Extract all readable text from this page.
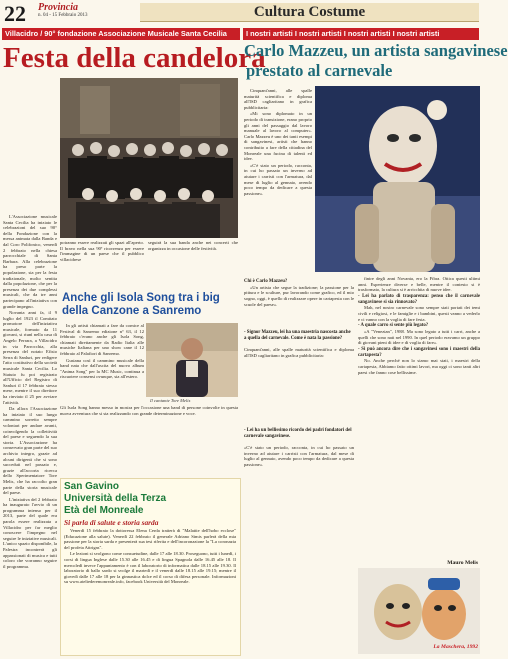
22 Provincia
n. 04 - 15 Febbraio 2013	Cultura Costume
Villacidro / 90° fondazione Associazione Musicale Santa Cecilia
Festa della candelora

L'Associazione musicale Santa Cecilia ha iniziato le celebrazioni del suo 90° della Fondazione con la messa animata dalla Banda e dal Coro Polifonico, venerdì 2 febbraio nella chiesa parrocchiale di Santa Barbara. Alla celebrazione ha preso parte la popolazione, sia per la festa tradizionale, molto sentita dalla popolazione, che per la presenza dei due complessi musicali, che da tre anni partecipano all'iniziativa con grande impegno.

Novanta anni fa, il 9 luglio del 1923 il Comitato promotore dell'iniziativa musicale, formato da 11 giovani, si riunì nella casa di Angelo Ferrara, a Villacidro in via Parrocchia, alla presenza del notaio Efisio Serra di Sanluri, per redigere l'atto costitutivo della società musicale Santa Cecilia. Lo Statuto fu poi registrato all'Ufficio del Registro di Sanluri il 17 febbraio stesso mese, mentre il suo direttore ha rinviato il 25 per avviare l'attività.

Da allora l'Associazione ha iniziato il suo lungo cammino sorretto sempre volontari per andare avanti, coinvolgendo la collettività del paese e seguendo la sua storia. L'Associazione ha conservato gran parte del suo archivio integro, grazie ad alcuni dirigenti che si sono succeduti nel passato e, grazie all'accorta ricerca dello Sperimentatore Tore Melis, che ha raccolto gran parte della storia musicale del paese.

L'iniziativa del 2 febbraio ha inaugurato l'avvio di un programma intenso per il 2013, parte del quale era parola essere realizzata a Villacidro per far meglio conoscere l'impegno nel seguire le iniziative musicali. L'unico spazio disponibile, la Palestra incontrerà gli appassionati di musica e tutti coloro che vorranno seguire il programma.

potranno essere realizzati gli spazi all'aperto. Il bravo nella sua 90ª ricorrenza per essere l'immagine di un paese che il pubblico villacidrese
seguirà la sua banda anche nei concerti che organizza in occasione delle festività.
Anche gli Isola Song tra i big
della Canzone a Sanremo

In gli artisti chiamati a fare da cornice al Festival di Sanremo edizione n° 63, il 12 febbraio c'erano anche gli Isola Song, chiamati direttamente da Radio Italia alle musiche Italiana per uno show cane il 12 febbraio al Palafiori di Sanremo.

Gustana così il cammino musicale della band nata che dall'uscita del nuovo album "Anima Song" per la MC Music, continua a riscuotere consensi ovunque, sia all'estero.

Il cantante Tore Melis
Gli Isola Song hanno messo in mostra per l'occasione una band di persone coinvolte in questa nuova avventura che si sta realizzando con grande determinazione e voce.
San Gavino
Università della Terza
Età del Monreale
Si parla di salute e storia sarda

Venerdì 15 febbraio la dottoressa Elena Cerda tratterà di "Malattie dell'hobo ecclose" (Educazione alla salute). Venerdì 22 febbraio il generale Adriano Simis parlerà della mia passione per la storia sarda e presenterà sua tesi riferita e dell'incoronazione la "La coronazia del profeta Attrigas".

Le lezioni si svolgono come consuetudine, dalle 17 alle 18.30. Proseguono, tutti i lunedì, i corsi di lingua Inglese dalle 15.30 alle 16.45 e di lingua Spagnola dalle 16.45 alle 18. Il mercoledì invece l'appuntamento è con il laboratorio di informatica dalle 18.15 alle 19.30. Il laboratorio di ballo sardo si svolge il martedì e il venerdì dalle 18.15 alle 19.15; mentre il giovedì dalle 17 alle 18 per la ginnastica dolce ed il corso di difesa personale. Informazioni su www.ateliederemonreale.info, facebook Università del Monreale.

I nostri artisti I nostri artisti I nostri artisti I nostri artisti
Carlo Mazzeu, un artista sangavinese
prestato al carnevale

Cinquant'anni, alle spalle maturità scientifica e diploma all'ISD cagliaritano in grafica pubblicitaria:

«Mi sono diplomato in un periodo di transizione, erano proprio gli anni del passaggio dal lavoro manuale al lavoro al computer». Carlo Mazzeu è uno dei tanti esempi di sangavinesi, artisti che hanno contribuito a fare della cittadina del Monreale una fucina di talenti ed idee.

«C'è stato un periodo, racconta, in cui ho passato un inverno ad aiutare i carristi con l'armatura, dal mese di luglio al gennaio, avendo poco tempo da dedicare a questa passione».

Chi è Carlo Mazzeu?

«Un artista che segue la tradizione; la passione per la pittura e le sculture, pur lavorando come grafico, ed il mio sogno, oggi, è quello di realizzare opere in cartapesta con le scuole del paese».

- Signor Mazzeu, lei ha una maestria nascosta anche a quella del carnevale. Come è nata la passione?
Cinquant'anni, alle spalle maturità scientifica e diploma all'ISD cagliaritano in grafica pubblicitaria:
- Lei ha un bellissimo ricordo dei padri fondatori del carnevale sangavinese.
«C'è stato un periodo, racconta, in cui ho passato un inverno ad aiutare i carristi con l'armatura, dal mese di luglio al gennaio, avendo poco tempo da dedicare a questa passione».

finire degli anni Novanta, ero la Fibra. Ottica questi ultimi anni. Esperienze diverse e belle, mentre il contesto si è trasformato, la cultura si è arricchita di nuove idee.

- Lei ha parlato di trasparenza: penso che il carnevale sangavinese si sia rinnovato?

Mah, nel nostro carnevale sono sempre stati portati dei temi civili e religiosi, e le famiglie e i bambini, questi vanno a vederlo e ci vanno con la voglia di fare festa.

- A quale carro si sente più legato?

«A "Venezian", 1988. Ma sono legato a tutti i carri, anche a quelli che sono nati nel 1990. In quel periodo eravamo un gruppo di giovani pieni di idee e di voglia di fare».

- Si può ancora dire che i sangavinesi sono i maestri della cartapesta?

No. Anche perché non lo siamo mai stati, i maestri della cartapesta, Abbiamo fatto ottimi lavori, ma oggi ci sono tanti altri paesi che fanno cose bellissime.

Mauro Melis
La Maschera, 1992
